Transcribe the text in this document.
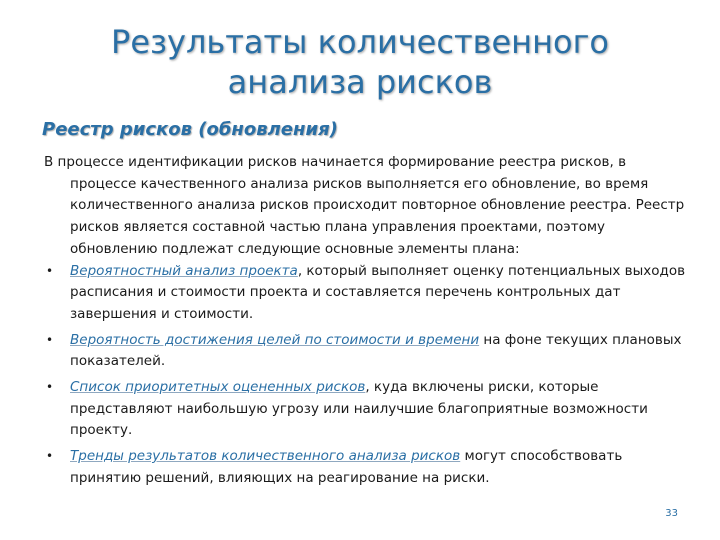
Результаты количественного
анализа рисков
Реестр рисков (обновления)

В процессе идентификации рисков начинается формирование реестра рисков, в процессе качественного анализа рисков выполняется его обновление, во время количественного анализа рисков происходит повторное обновление реестра. Реестр рисков является составной частью плана управления проектами, поэтому обновлению подлежат следующие основные элементы плана:

• Вероятностный анализ проекта, который выполняет оценку потенциальных выходов расписания и стоимости проекта и составляется перечень контрольных дат завершения и стоимости.
• Вероятность достижения целей по стоимости и времени на фоне текущих плановых показателей.
• Список приоритетных оцененных рисков, куда включены риски, которые представляют наибольшую угрозу или наилучшие благоприятные возможности проекту.
• Тренды результатов количественного анализа рисков могут способствовать принятию решений, влияющих на реагирование на риски.
33
